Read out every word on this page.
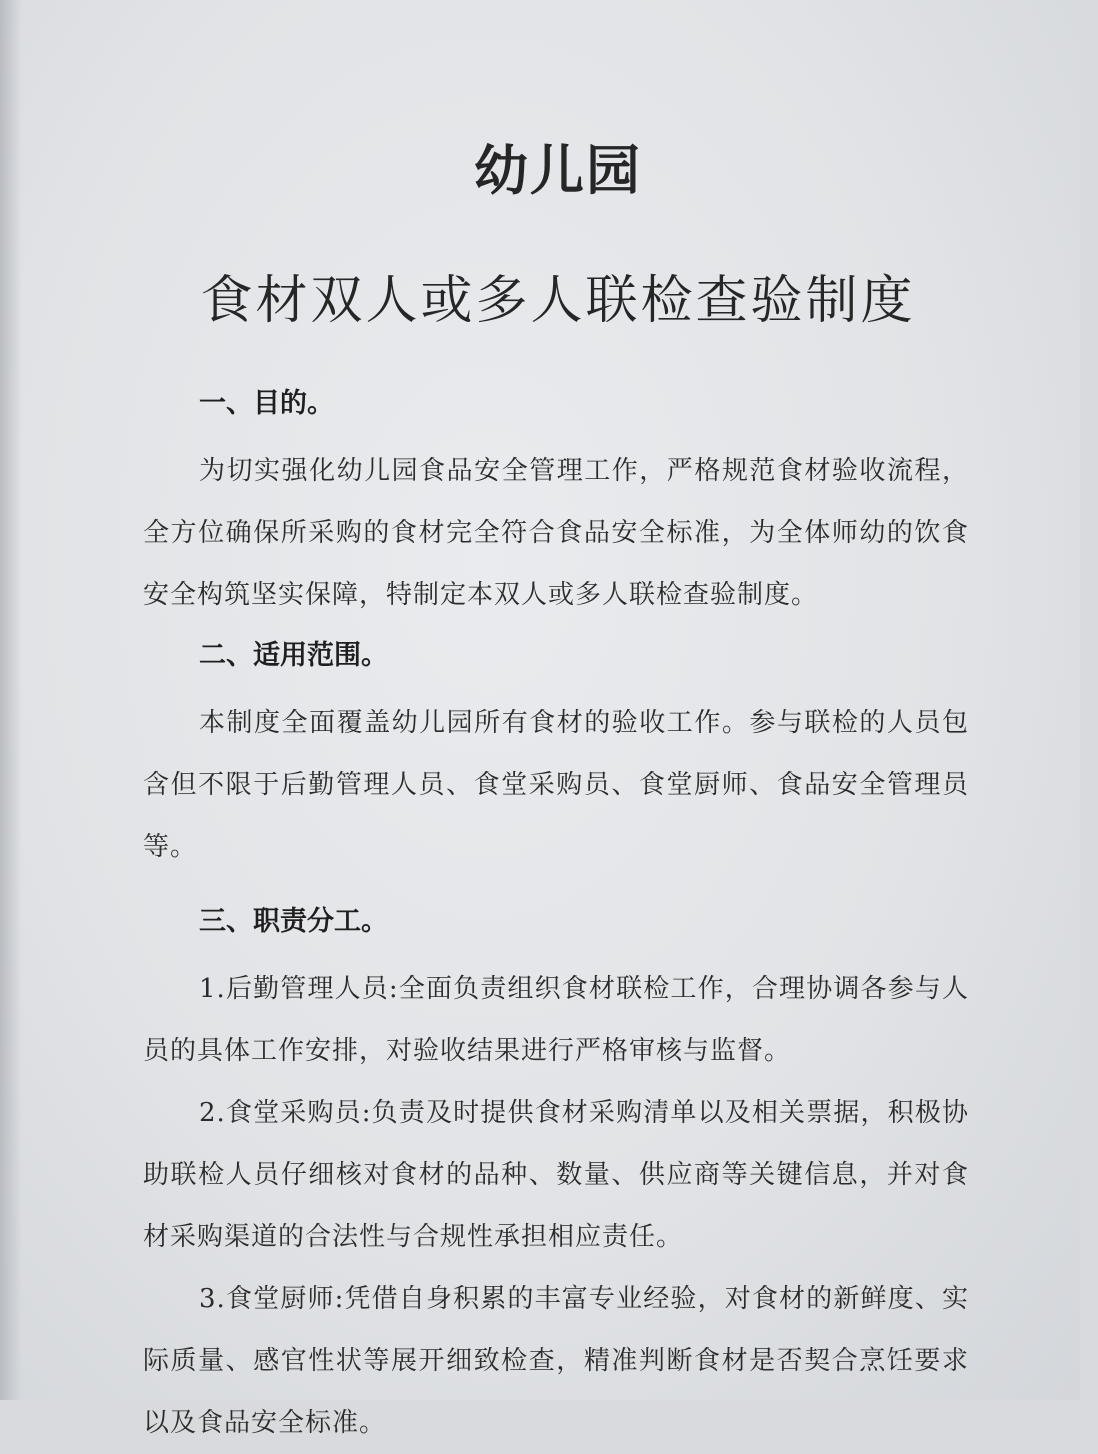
幼儿园
食材双人或多人联检查验制度
一、目的。

为切实强化幼儿园食品安全管理工作，严格规范食材验收流程，全方位确保所采购的食材完全符合食品安全标准，为全体师幼的饮食安全构筑坚实保障，特制定本双人或多人联检查验制度。

二、适用范围。

本制度全面覆盖幼儿园所有食材的验收工作。参与联检的人员包含但不限于后勤管理人员、食堂采购员、食堂厨师、食品安全管理员等。

三、职责分工。

1.后勤管理人员:全面负责组织食材联检工作，合理协调各参与人员的具体工作安排，对验收结果进行严格审核与监督。

2.食堂采购员:负责及时提供食材采购清单以及相关票据，积极协助联检人员仔细核对食材的品种、数量、供应商等关键信息，并对食材采购渠道的合法性与合规性承担相应责任。

3.食堂厨师:凭借自身积累的丰富专业经验，对食材的新鲜度、实际质量、感官性状等展开细致检查，精准判断食材是否契合烹饪要求以及食品安全标准。
